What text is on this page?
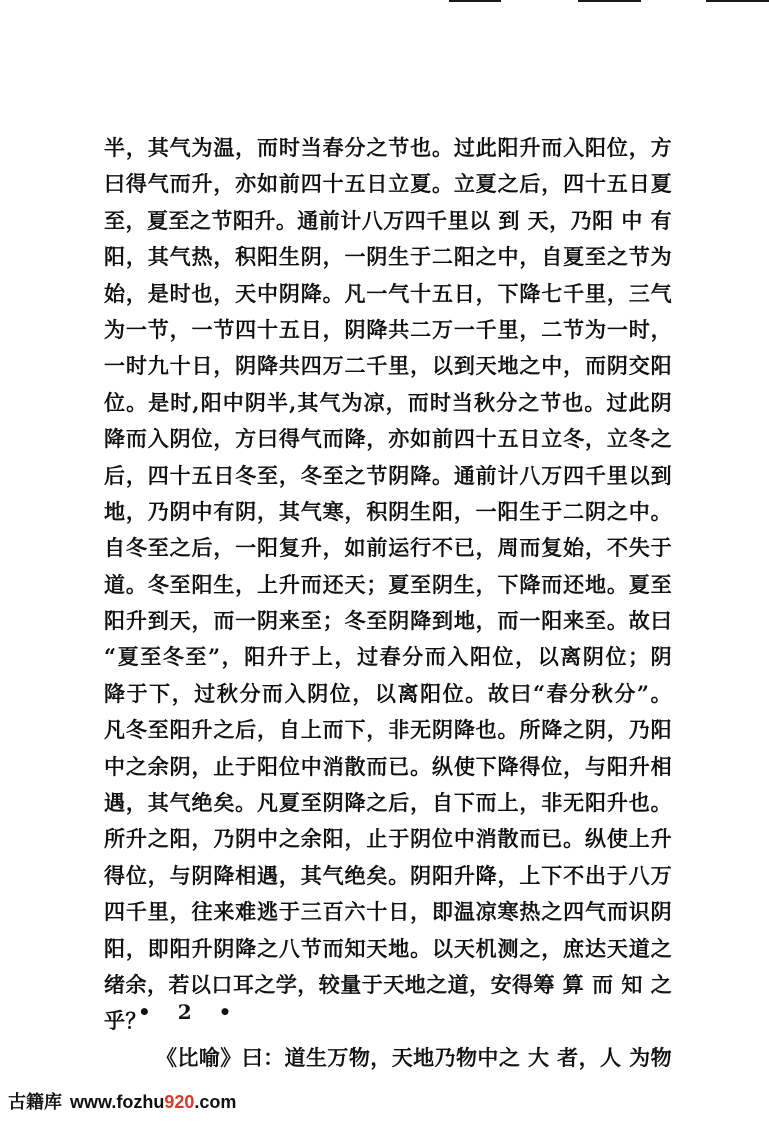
半，其气为温，而时当春分之节也。过此阳升而入阳位，方
曰得气而升，亦如前四十五日立夏。立夏之后，四十五日夏
至，夏至之节阳升。通前计八万四千里以 到 天，乃阳 中 有
阳，其气热，积阳生阴，一阴生于二阳之中，自夏至之节为
始，是时也，天中阴降。凡一气十五日，下降七千里，三气
为一节，一节四十五日，阴降共二万一千里，二节为一时，
一时九十日，阴降共四万二千里，以到天地之中，而阴交阳
位。是时,阳中阴半,其气为凉，而时当秋分之节也。过此阴
降而入阴位，方曰得气而降，亦如前四十五日立冬，立冬之
后，四十五日冬至，冬至之节阴降。通前计八万四千里以到
地，乃阴中有阴，其气寒，积阴生阳，一阳生于二阴之中。
自冬至之后，一阳复升，如前运行不已，周而复始，不失于
道。冬至阳生，上升而还天；夏至阴生，下降而还地。夏至
阳升到天，而一阴来至；冬至阴降到地，而一阳来至。故曰
“夏至冬至”，阳升于上，过春分而入阳位，以离阴位；阴
降于下，过秋分而入阴位，以离阳位。故曰“春分秋分”。
凡冬至阳升之后，自上而下，非无阴降也。所降之阴，乃阳
中之余阴，止于阳位中消散而已。纵使下降得位，与阳升相
遇，其气绝矣。凡夏至阴降之后，自下而上，非无阳升也。
所升之阳，乃阴中之余阳，止于阴位中消散而已。纵使上升
得位，与阴降相遇，其气绝矣。阴阳升降，上下不出于八万
四千里，往来难逃于三百六十日，即温凉寒热之四气而识阴
阳，即阳升阴降之八节而知天地。以天机测之，庶达天道之
绪余，若以口耳之学，较量于天地之道，安得筹 算 而 知 之
乎？
《比喻》曰：道生万物，天地乃物中之 大 者，人 为物
• 2 •
古籍库 www.fozhu920.com
